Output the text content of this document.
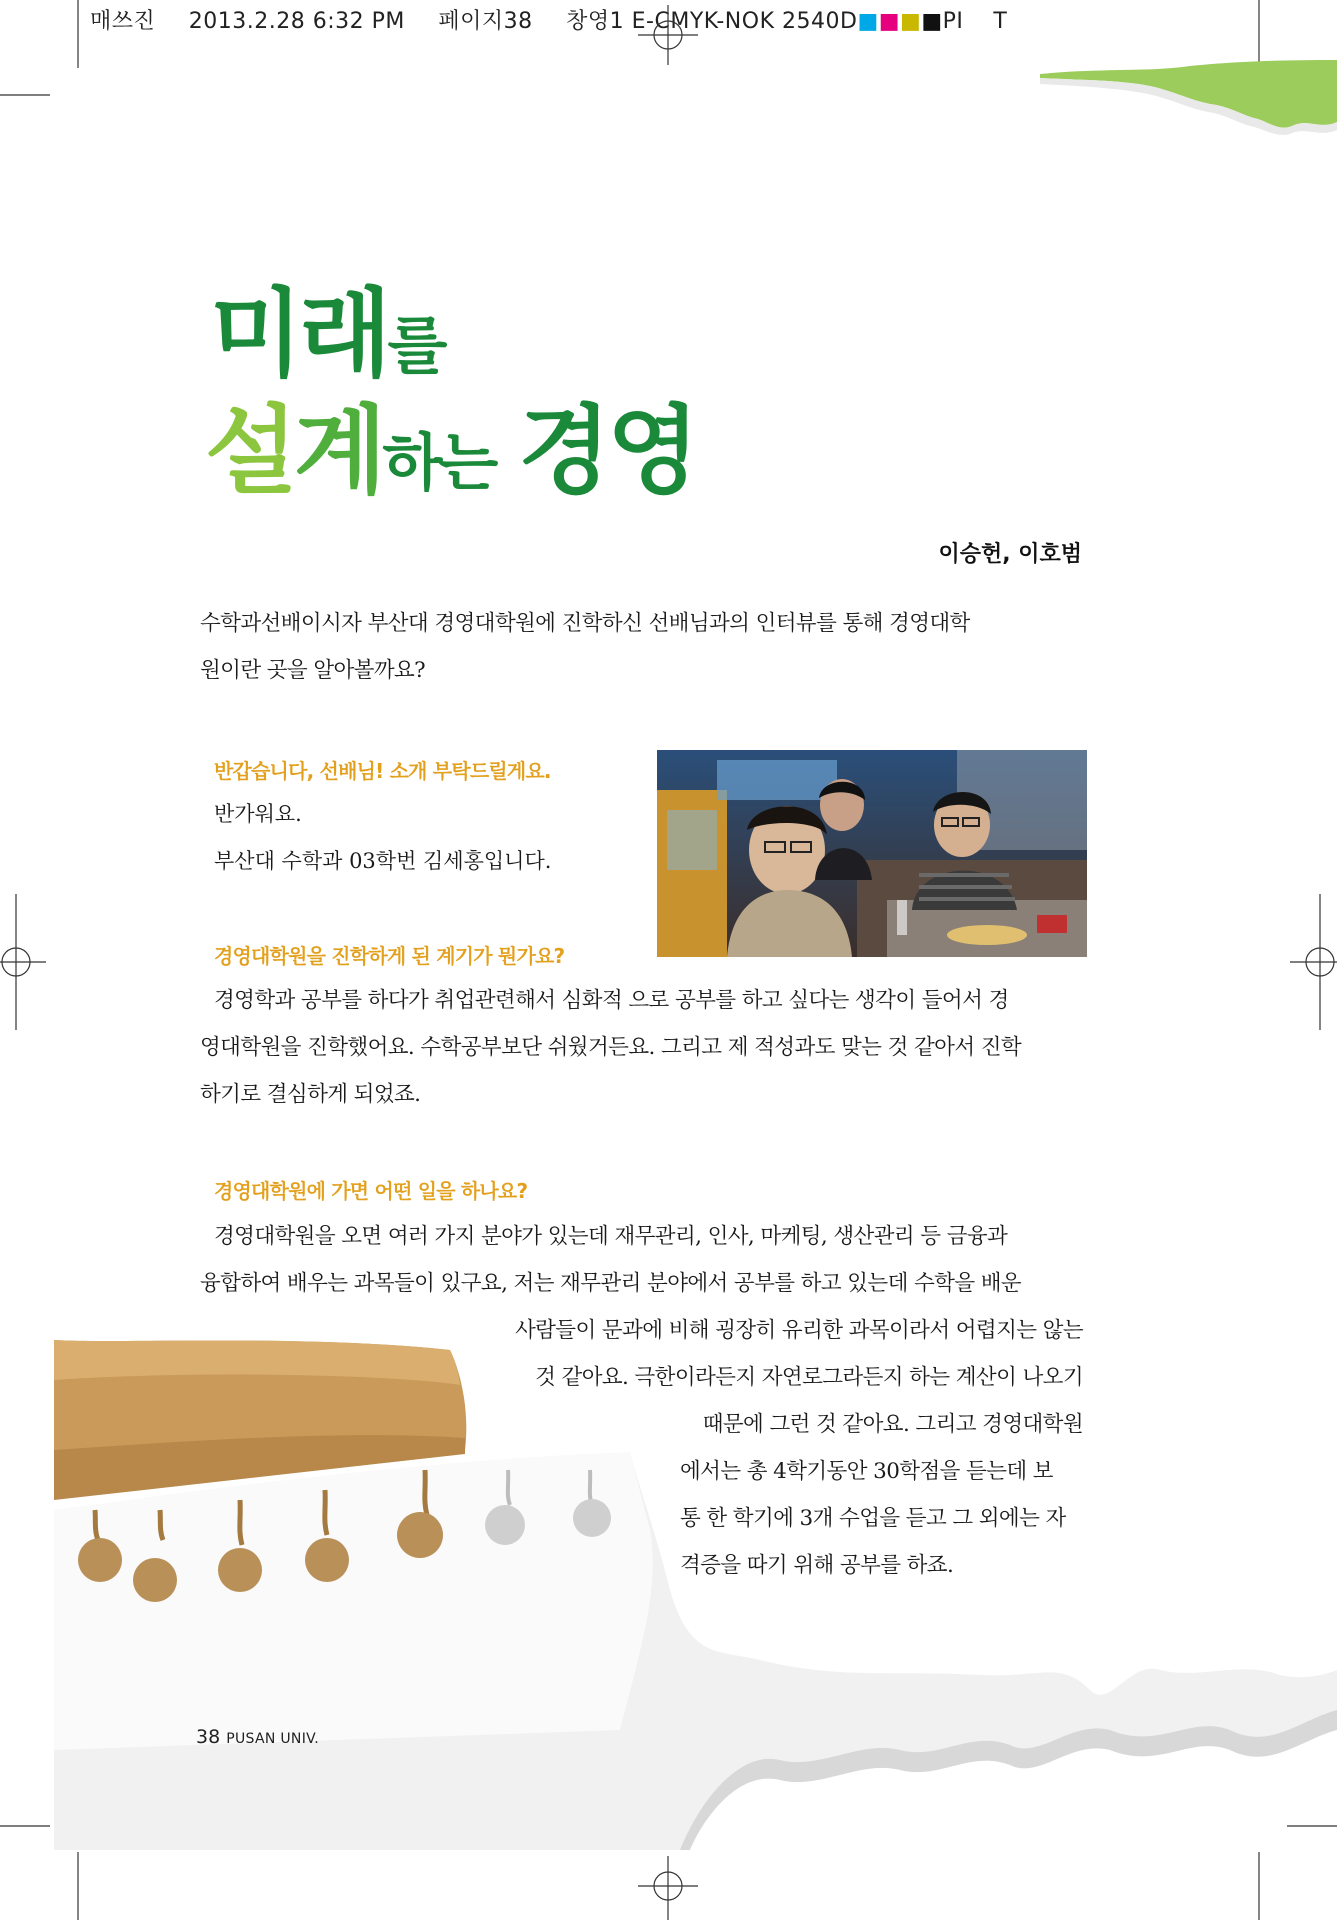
매쓰진 2013.2.28 6:32 PM 페이지38 창영1 E-CMYK-NOK 2540D■■■■PI T
미래를
설계하는 경영
이승헌, 이호범
수학과선배이시자 부산대 경영대학원에 진학하신 선배님과의 인터뷰를 통해 경영대학
원이란 곳을 알아볼까요?
반갑습니다, 선배님! 소개 부탁드릴게요.
반가워요.
부산대 수학과 03학번 김세홍입니다.
경영대학원을 진학하게 된 계기가 뭔가요?
경영학과 공부를 하다가 취업관련해서 심화적 으로 공부를 하고 싶다는 생각이 들어서 경
영대학원을 진학했어요. 수학공부보단 쉬웠거든요. 그리고 제 적성과도 맞는 것 같아서 진학
하기로 결심하게 되었죠.
경영대학원에 가면 어떤 일을 하나요?
경영대학원을 오면 여러 가지 분야가 있는데 재무관리, 인사, 마케팅, 생산관리 등 금융과
융합하여 배우는 과목들이 있구요, 저는 재무관리 분야에서 공부를 하고 있는데 수학을 배운
사람들이 문과에 비해 굉장히 유리한 과목이라서 어렵지는 않는
것 같아요. 극한이라든지 자연로그라든지 하는 계산이 나오기
때문에 그런 것 같아요. 그리고 경영대학원
에서는 총 4학기동안 30학점을 듣는데 보
통 한 학기에 3개 수업을 듣고 그 외에는 자
격증을 따기 위해 공부를 하죠.
38 PUSAN UNIV.
